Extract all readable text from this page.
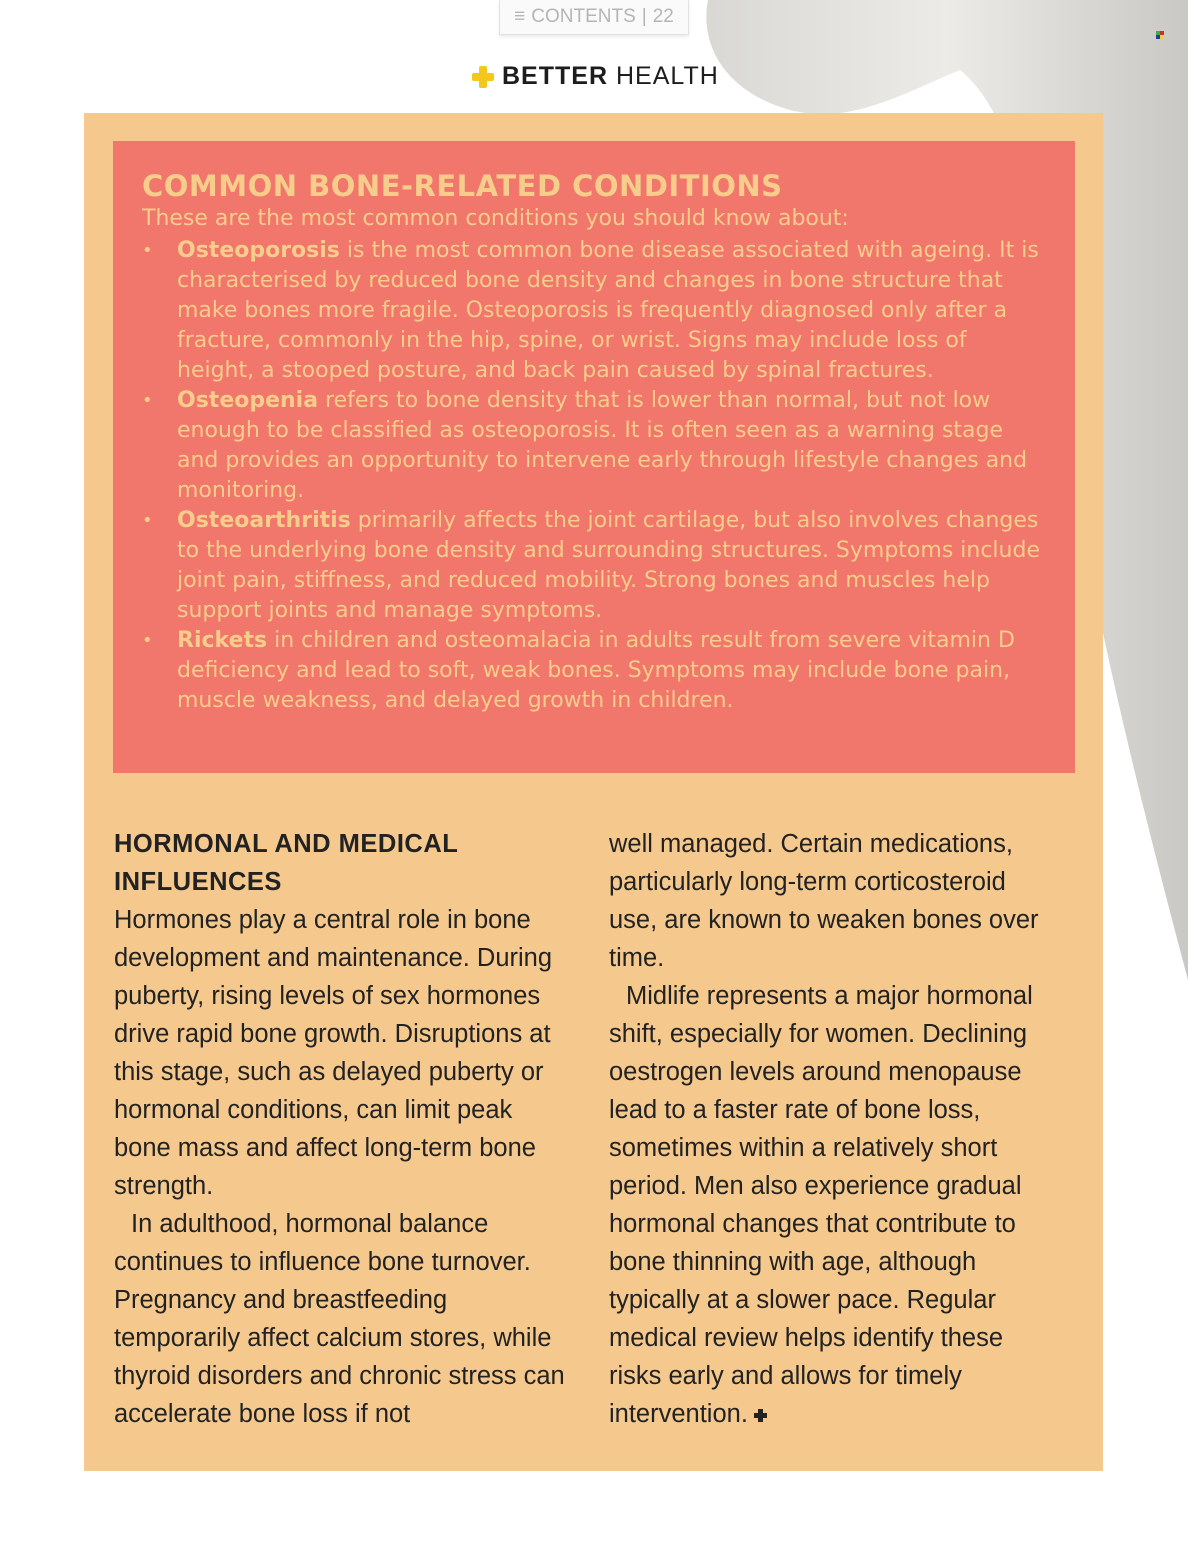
≡ CONTENTS | 22
BETTER HEALTH
COMMON BONE-RELATED CONDITIONS

These are the most common conditions you should know about:

• Osteoporosis is the most common bone disease associated with ageing. It is characterised by reduced bone density and changes in bone structure that make bones more fragile. Osteoporosis is frequently diagnosed only after a fracture, commonly in the hip, spine, or wrist. Signs may include loss of height, a stooped posture, and back pain caused by spinal fractures.
• Osteopenia refers to bone density that is lower than normal, but not low enough to be classified as osteoporosis. It is often seen as a warning stage and provides an opportunity to intervene early through lifestyle changes and monitoring.
• Osteoarthritis primarily affects the joint cartilage, but also involves changes to the underlying bone density and surrounding structures. Symptoms include joint pain, stiffness, and reduced mobility. Strong bones and muscles help support joints and manage symptoms.
• Rickets in children and osteomalacia in adults result from severe vitamin D deficiency and lead to soft, weak bones. Symptoms may include bone pain, muscle weakness, and delayed growth in children.
HORMONAL AND MEDICAL INFLUENCES

Hormones play a central role in bone development and maintenance. During puberty, rising levels of sex hormones drive rapid bone growth. Disruptions at this stage, such as delayed puberty or hormonal conditions, can limit peak bone mass and affect long-term bone strength.

In adulthood, hormonal balance continues to influence bone turnover. Pregnancy and breastfeeding temporarily affect calcium stores, while thyroid disorders and chronic stress can accelerate bone loss if not

well managed. Certain medications, particularly long-term corticosteroid use, are known to weaken bones over time.

Midlife represents a major hormonal shift, especially for women. Declining oestrogen levels around menopause lead to a faster rate of bone loss, sometimes within a relatively short period. Men also experience gradual hormonal changes that contribute to bone thinning with age, although typically at a slower pace. Regular medical review helps identify these risks early and allows for timely intervention.
